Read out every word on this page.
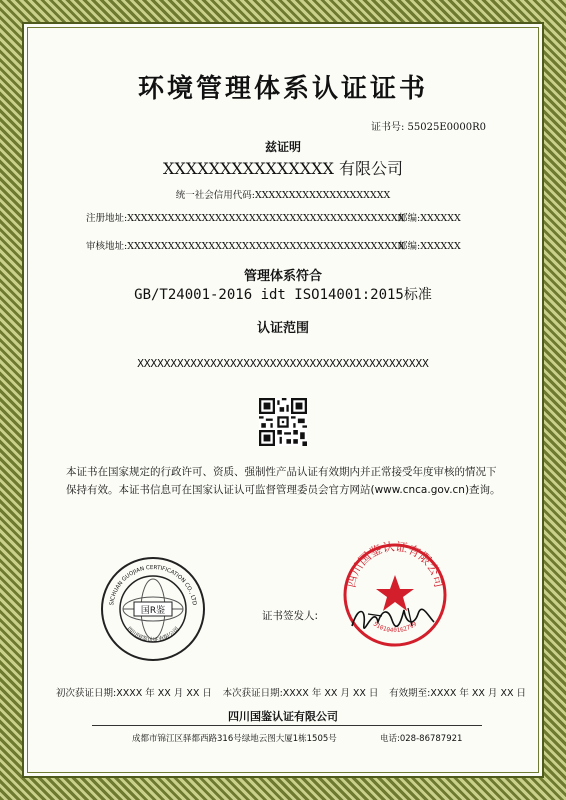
环境管理体系认证证书
证书号: 55025E0000R0
兹证明
XXXXXXXXXXXXXXX 有限公司
统一社会信用代码:XXXXXXXXXXXXXXXXXXXX
注册地址:XXXXXXXXXXXXXXXXXXXXXXXXXXXXXXXXXXXXXXXXX
邮编:XXXXXX
审核地址:XXXXXXXXXXXXXXXXXXXXXXXXXXXXXXXXXXXXXXXXX
邮编:XXXXXX
管理体系符合
GB/T24001-2016 idt ISO14001:2015标准
认证范围
XXXXXXXXXXXXXXXXXXXXXXXXXXXXXXXXXXXXXXXXXXXX
本证书在国家规定的行政许可、资质、强制性产品认证有效期内并正常接受年度审核的情况下保持有效。本证书信息可在国家认证认可监督管理委员会官方网站(www.cnca.gov.cn)查询。
国R鉴
SICHUAN GUOJIAN CERTIFICATION CO., LTD
四川国鉴认证有限公司
证书签发人:
四川国鉴认证有限公司
5101040162799
初次获证日期:XXXX 年 XX 月 XX 日 本次获证日期:XXXX 年 XX 月 XX 日 有效期至:XXXX 年 XX 月 XX 日
四川国鉴认证有限公司
成都市锦江区驿都西路316号绿地云图大厦1栋1505号	电话:028-86787921
